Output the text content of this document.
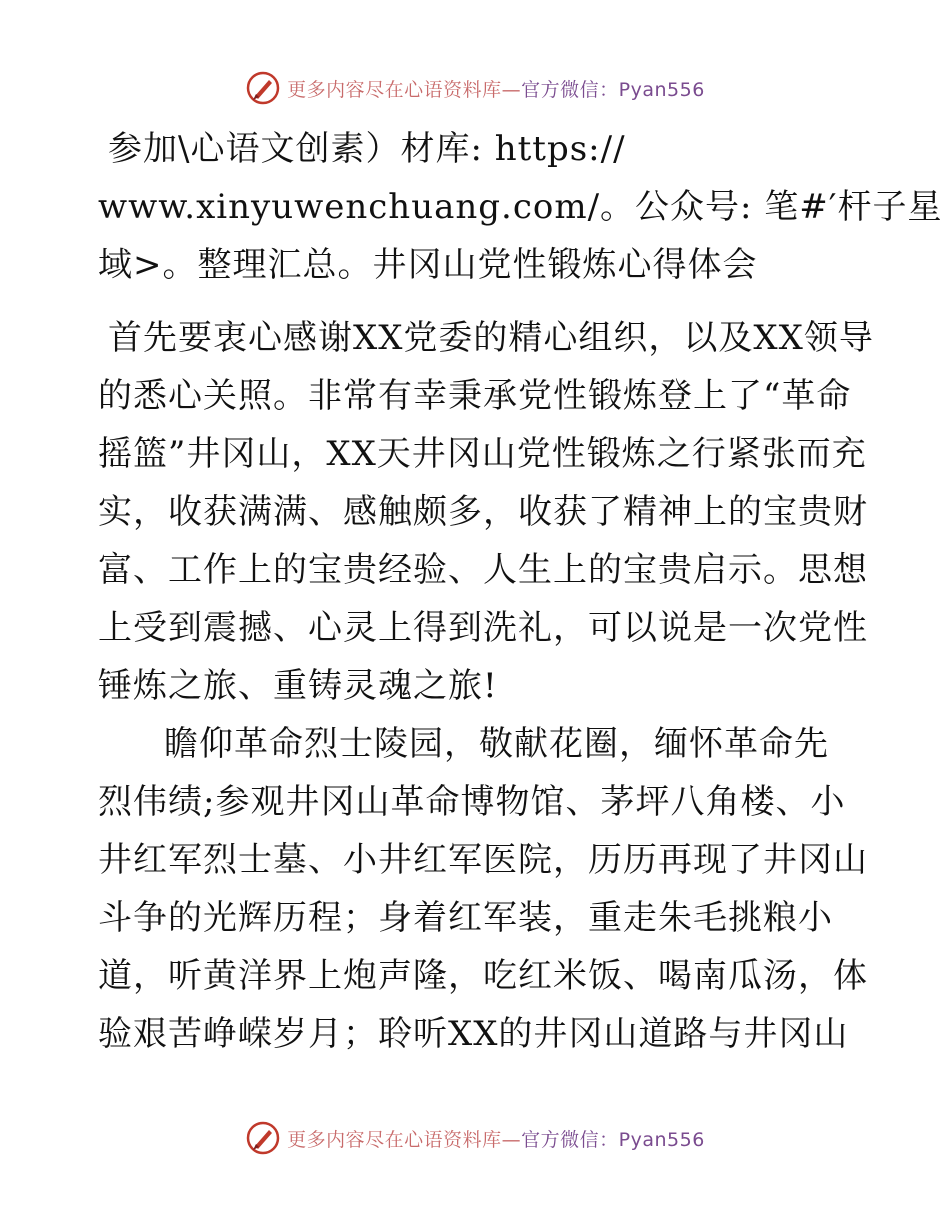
更多内容尽在心语资料库—官方微信：Pyan556
参加\心语文创素）材库: https://
www.xinyuwenchuang.com/。公众号: 笔#′杆子星
域>。整理汇总。井冈山党性锻炼心得体会
首先要衷心感谢XX党委的精心组织，以及XX领导
的悉心关照。非常有幸秉承党性锻炼登上了“革命
摇篮”井冈山，XX天井冈山党性锻炼之行紧张而充
实，收获满满、感触颇多，收获了精神上的宝贵财
富、工作上的宝贵经验、人生上的宝贵启示。思想
上受到震撼、心灵上得到洗礼，可以说是一次党性
锤炼之旅、重铸灵魂之旅!
瞻仰革命烈士陵园，敬献花圈，缅怀革命先
烈伟绩;参观井冈山革命博物馆、茅坪八角楼、小
井红军烈士墓、小井红军医院，历历再现了井冈山
斗争的光辉历程；身着红军装，重走朱毛挑粮小
道，听黄洋界上炮声隆，吃红米饭、喝南瓜汤，体
验艰苦峥嵘岁月；聆听XX的井冈山道路与井冈山
更多内容尽在心语资料库—官方微信：Pyan556
